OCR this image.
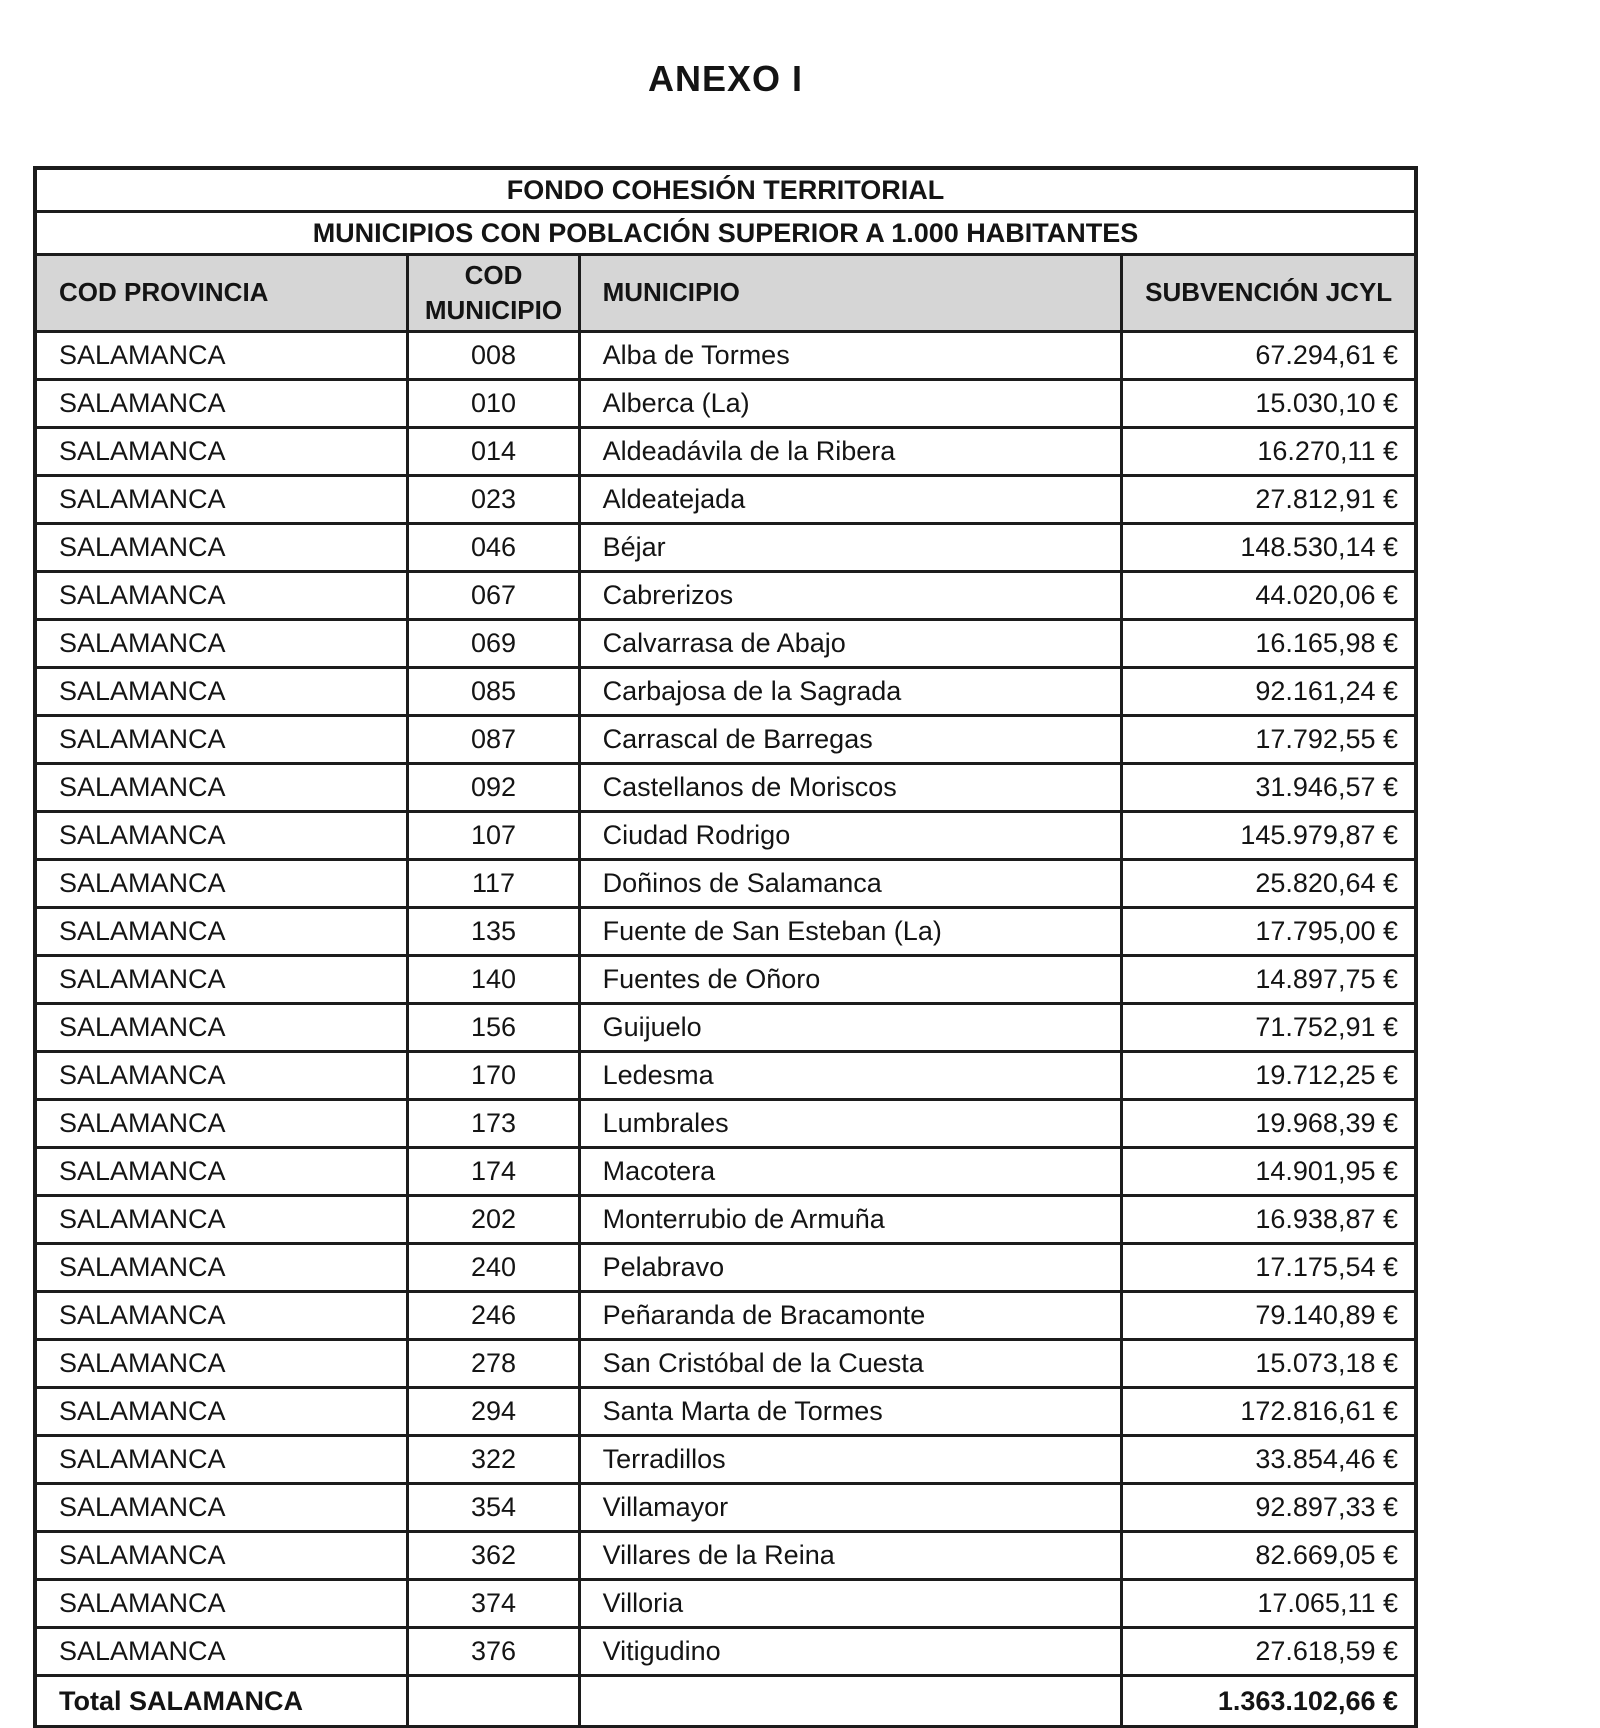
ANEXO I
FONDO COHESIÓN TERRITORIAL			
MUNICIPIOS CON POBLACIÓN SUPERIOR A 1.000 HABITANTES			
COD PROVINCIA	COD MUNICIPIO	MUNICIPIO	SUBVENCIÓN JCYL
SALAMANCA	008	Alba de Tormes	67.294,61 €
SALAMANCA	010	Alberca (La)	15.030,10 €
SALAMANCA	014	Aldeadávila de la Ribera	16.270,11 €
SALAMANCA	023	Aldeatejada	27.812,91 €
SALAMANCA	046	Béjar	148.530,14 €
SALAMANCA	067	Cabrerizos	44.020,06 €
SALAMANCA	069	Calvarrasa de Abajo	16.165,98 €
SALAMANCA	085	Carbajosa de la Sagrada	92.161,24 €
SALAMANCA	087	Carrascal de Barregas	17.792,55 €
SALAMANCA	092	Castellanos de Moriscos	31.946,57 €
SALAMANCA	107	Ciudad Rodrigo	145.979,87 €
SALAMANCA	117	Doñinos de Salamanca	25.820,64 €
SALAMANCA	135	Fuente de San Esteban (La)	17.795,00 €
SALAMANCA	140	Fuentes de Oñoro	14.897,75 €
SALAMANCA	156	Guijuelo	71.752,91 €
SALAMANCA	170	Ledesma	19.712,25 €
SALAMANCA	173	Lumbrales	19.968,39 €
SALAMANCA	174	Macotera	14.901,95 €
SALAMANCA	202	Monterrubio de Armuña	16.938,87 €
SALAMANCA	240	Pelabravo	17.175,54 €
SALAMANCA	246	Peñaranda de Bracamonte	79.140,89 €
SALAMANCA	278	San Cristóbal de la Cuesta	15.073,18 €
SALAMANCA	294	Santa Marta de Tormes	172.816,61 €
SALAMANCA	322	Terradillos	33.854,46 €
SALAMANCA	354	Villamayor	92.897,33 €
SALAMANCA	362	Villares de la Reina	82.669,05 €
SALAMANCA	374	Villoria	17.065,11 €
SALAMANCA	376	Vitigudino	27.618,59 €
Total SALAMANCA			1.363.102,66 €
